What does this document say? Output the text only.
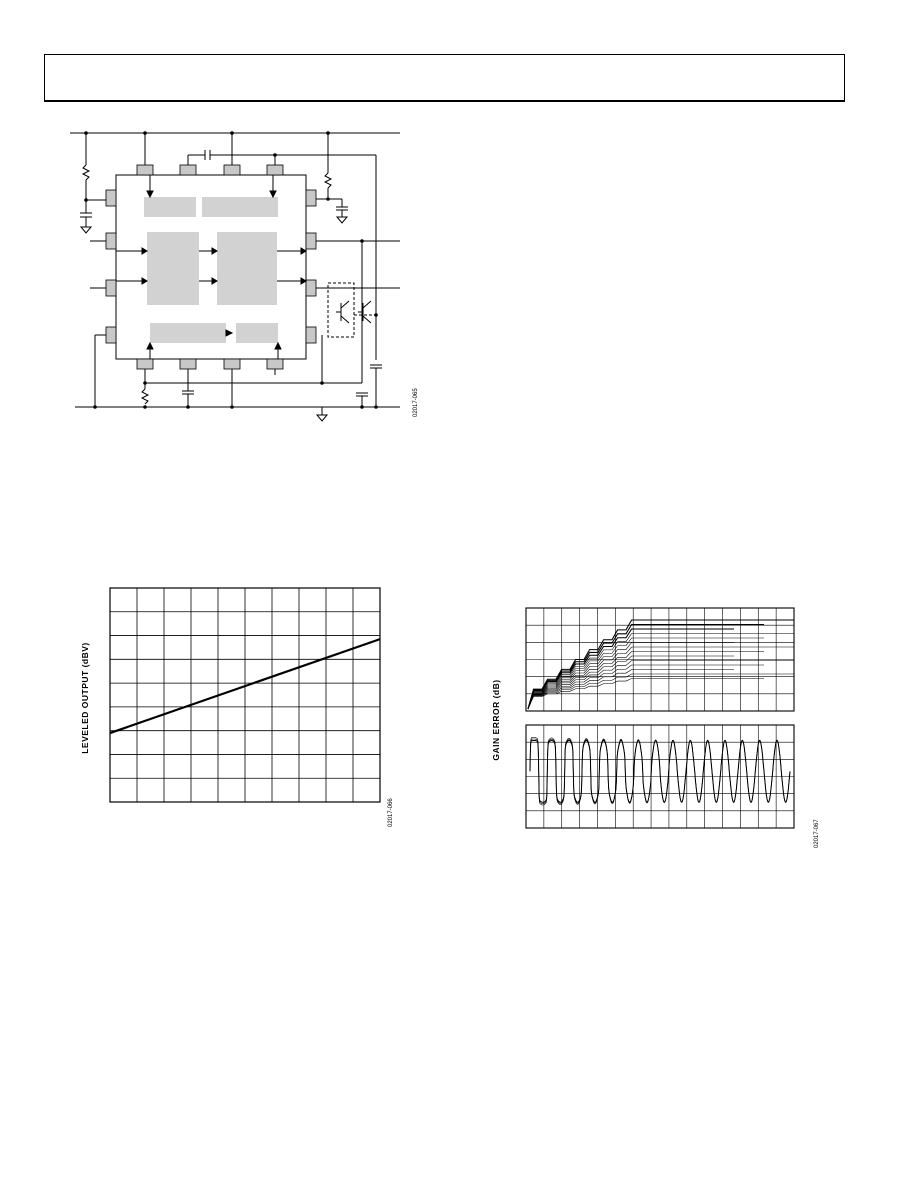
02017-065
LEVELED OUTPUT (dBV)
02017-066
GAIN ERROR (dB)
02017-067
